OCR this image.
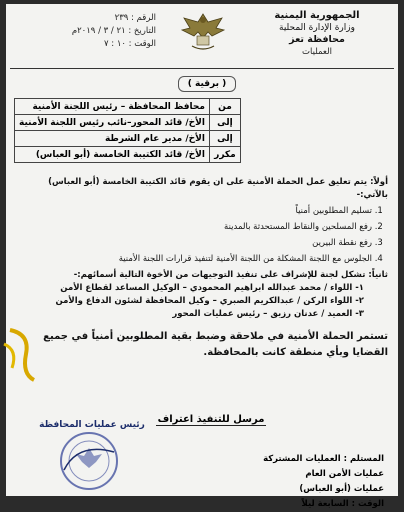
الجمهورية اليمنية
وزارة الإدارة المحلية
محافظة تعز
العمليات
الرقم : ٢٣٩
التاريخ : ٢١ / ٣ / ٢٠١٩م
الوقت : ١٠ : ٧
( برقية )
من	محافظ المحافظة – رئيس اللجنة الأمنية
إلى	الأخ/ قائد المحور–نائب رئيس اللجنة الأمنية
إلى	الأخ/ مدير عام الشرطة
مكرر	الأخ/ قائد الكتيبة الخامسة (أبو العباس)

أولاً: يتم تعليق عمل الحملة الأمنية على ان يقوم قائد الكتيبة الخامسة (أبو العباس) بالآتي:-

1. تسليم المطلوبين أمنياً
2. رفع المسلحين والنقاط المستحدثة بالمدينة
3. رفع نقطة البيرين
4. الجلوس مع اللجنة المشكلة من اللجنة الأمنية لتنفيذ قرارات اللجنة الأمنية

ثانياً: تشكل لجنة للإشراف على تنفيذ التوجيهات من الأخوة التالية أسمائهم:-

١- اللواء / محمد عبدالله ابراهيم المحمودي – الوكيل المساعد لقطاع الأمن

٢- اللواء الركن / عبدالكريم الصبري – وكيل المحافظة لشئون الدفاع والأمن

٣- العميد / عدنان رزيق – رئيس عمليات المحور

تستمر الحملة الأمنية في ملاحقة وضبط بقية المطلوبين أمنياً في جميع القضايا وبأي منطقة كانت بالمحافظة.

مرسل للتنفيذ اعتراف
رئيس عمليات المحافظة
المستلم : العمليات المشتركة
عمليات الأمن العام
عمليات (أبو العباس)
الوقت : السابعة ليلاً
